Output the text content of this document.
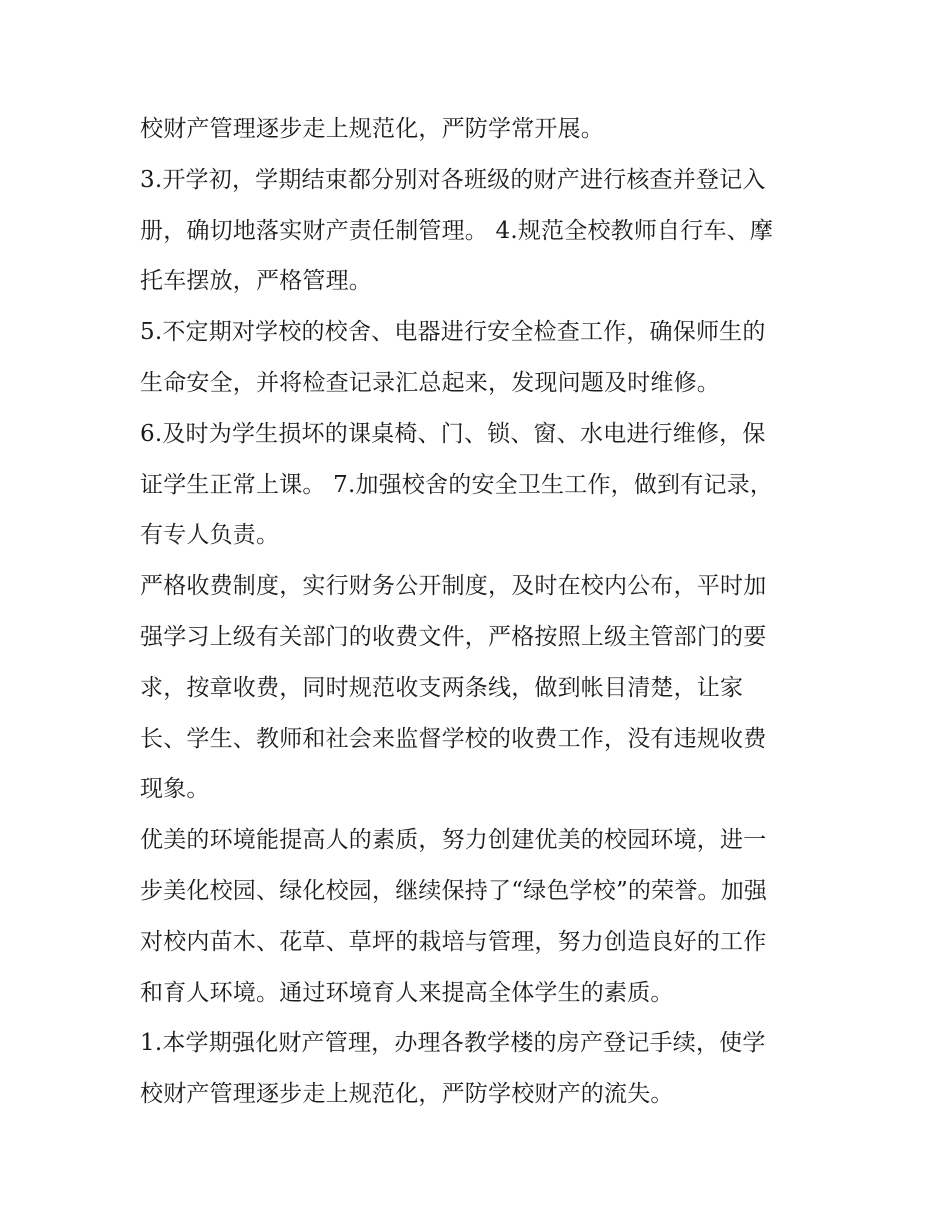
校财产管理逐步走上规范化，严防学常开展。

3.开学初，学期结束都分别对各班级的财产进行核查并登记入
册，确切地落实财产责任制管理。 4.规范全校教师自行车、摩
托车摆放，严格管理。

5.不定期对学校的校舍、电器进行安全检查工作，确保师生的
生命安全，并将检查记录汇总起来，发现问题及时维修。

6.及时为学生损坏的课桌椅、门、锁、窗、水电进行维修，保
证学生正常上课。 7.加强校舍的安全卫生工作，做到有记录，
有专人负责。

严格收费制度，实行财务公开制度，及时在校内公布，平时加
强学习上级有关部门的收费文件，严格按照上级主管部门的要
求，按章收费，同时规范收支两条线，做到帐目清楚，让家
长、学生、教师和社会来监督学校的收费工作，没有违规收费
现象。

优美的环境能提高人的素质，努力创建优美的校园环境，进一
步美化校园、绿化校园，继续保持了“绿色学校”的荣誉。加强
对校内苗木、花草、草坪的栽培与管理，努力创造良好的工作
和育人环境。通过环境育人来提高全体学生的素质。

1.本学期强化财产管理，办理各教学楼的房产登记手续，使学
校财产管理逐步走上规范化，严防学校财产的流失。
